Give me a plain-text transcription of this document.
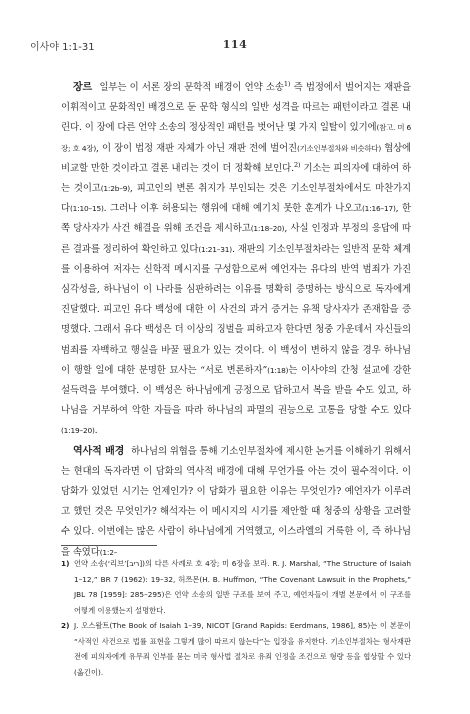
이사야 1:1-31	114

장르 일부는 이 서론 장의 문학적 배경이 언약 소송$^{1)}$ 즉 법정에서 벌어지는 재판을 이휘적이고 문화적인 배경으로 둔 문학 형식의 일반 성격을 따르는 패턴이라고 결론 내린다. 이 장에 다른 언약 소송의 정상적인 패턴을 벗어난 몇 가지 일탈이 있기에(참고. 미 6장; 호 4장), 이 장이 법정 재판 자체가 아닌 재판 전에 벌어진(기소인부절차와 비슷하다) 협상에 비교할 만한 것이라고 결론 내리는 것이 더 정확해 보인다.$^{2)}$ 기소는 피의자에 대하여 하는 것이고(1:2b–9), 피고인의 변론 취지가 부인되는 것은 기소인부절차에서도 마찬가지다(1:10–15). 그러나 이후 허용되는 행위에 대해 예기치 못한 훈계가 나오고(1:16–17), 한쪽 당사자가 사건 해결을 위해 조건을 제시하고(1:18–20), 사실 인정과 부정의 응답에 따른 결과를 정리하여 확인하고 있다(1:21–31). 재판의 기소인부절차라는 일반적 문학 체계를 이용하여 저자는 신학적 메시지를 구성함으로써 예언자는 유다의 반역 범죄가 가진 심각성을, 하나님이 이 나라를 심판하려는 이유를 명확히 증명하는 방식으로 독자에게 진달했다. 피고인 유다 백성에 대한 이 사건의 과거 증거는 유책 당사자가 존재함을 증명했다. 그래서 유다 백성은 더 이상의 징벌을 피하고자 한다면 청중 가운데서 자신들의 범죄를 자백하고 행실을 바꿀 필요가 있는 것이다. 이 백성이 변하지 않을 경우 하나님이 행할 일에 대한 분명한 묘사는 “서로 변론하자”(1:18)는 이사야의 간청 설교에 강한 설득력을 부여했다. 이 백성은 하나님에게 긍정으로 답하고서 복을 받을 수도 있고, 하나님을 거부하여 악한 자들을 따라 하나님의 파멸의 권능으로 고통을 당할 수도 있다(1:19–20).

역사적 배경 하나님의 위협을 통해 기소인부절차에 제시한 논거를 이해하기 위해서는 현대의 독자라면 이 담화의 역사적 배경에 대해 무언가를 아는 것이 필수적이다. 이 담화가 있었던 시기는 언제인가? 이 담화가 필요한 이유는 무엇인가? 예언자가 이루려고 했던 것은 무엇인가? 해석자는 이 메시지의 시기를 제안할 때 청중의 상황을 고려할 수 있다. 이번에는 많은 사람이 하나님에게 거역했고, 이스라엘의 거룩한 이, 즉 하나님을 속였다(1:2–

1) 언약 소송(‘리브’[ריב])의 다른 사례로 호 4장; 미 6장을 보라. R. J. Marshal, “The Structure of Isaiah 1–12,” BR 7 (1962): 19–32, 허쯔몬(H. B. Huffmon, “The Covenant Lawsuit in the Prophets,” JBL 78 [1959]: 285–295)은 언약 소송의 일반 구조를 보여 주고, 예언자들이 개별 본문에서 이 구조를 어떻게 이용했는지 설명한다.

2) J. 오스왈트(The Book of Isaiah 1–39, NICOT [Grand Rapids: Eerdmans, 1986], 85)는 이 본문이 “사적인 사건으로 법률 표현을 그렇게 많이 따르지 않는다”는 입장을 유지한다. 기소인부절차는 형사재판 전에 피의자에게 유무죄 인부를 묻는 미국 형사법 절차로 유죄 인정을 조건으로 형량 등을 협상할 수 있다(옮긴이).
